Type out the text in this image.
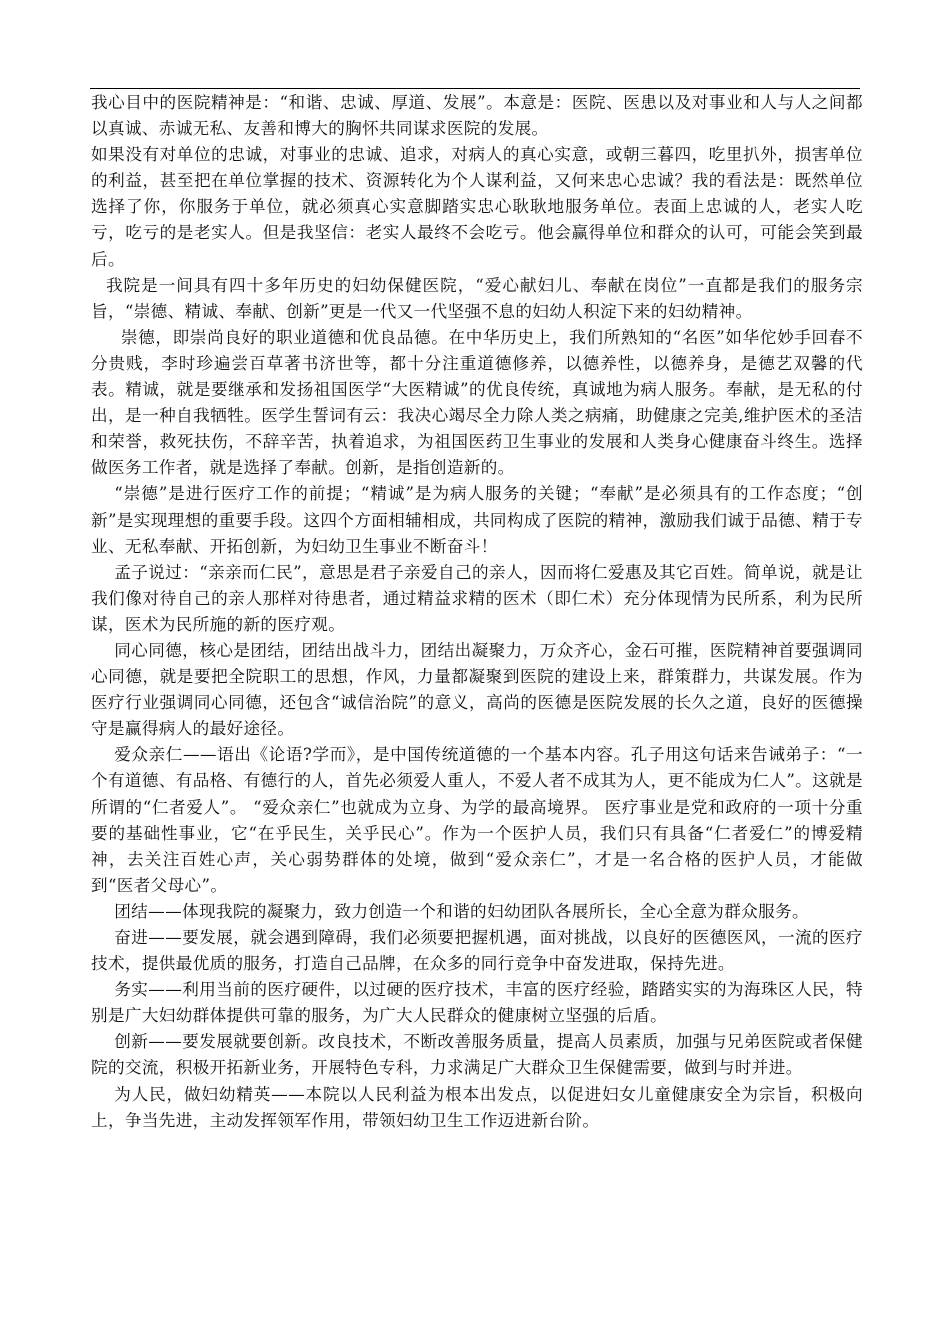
我心目中的医院精神是：“和谐、忠诚、厚道、发展”。本意是：医院、医患以及对事业和人与人之间都以真诚、赤诚无私、友善和博大的胸怀共同谋求医院的发展。

如果没有对单位的忠诚，对事业的忠诚、追求，对病人的真心实意，或朝三暮四，吃里扒外，损害单位的利益，甚至把在单位掌握的技术、资源转化为个人谋利益，又何来忠心忠诚？我的看法是：既然单位选择了你，你服务于单位，就必须真心实意脚踏实忠心耿耿地服务单位。表面上忠诚的人，老实人吃亏，吃亏的是老实人。但是我坚信：老实人最终不会吃亏。他会赢得单位和群众的认可，可能会笑到最后。

我院是一间具有四十多年历史的妇幼保健医院，“爱心献妇儿、奉献在岗位”一直都是我们的服务宗旨，“崇德、精诚、奉献、创新”更是一代又一代坚强不息的妇幼人积淀下来的妇幼精神。

崇德，即崇尚良好的职业道德和优良品德。在中华历史上，我们所熟知的“名医”如华佗妙手回春不分贵贱，李时珍遍尝百草著书济世等，都十分注重道德修养，以德养性，以德养身，是德艺双馨的代表。精诚，就是要继承和发扬祖国医学“大医精诚”的优良传统，真诚地为病人服务。奉献，是无私的付出，是一种自我牺牲。医学生誓词有云：我决心竭尽全力除人类之病痛，助健康之完美,维护医术的圣洁和荣誉，救死扶伤，不辞辛苦，执着追求，为祖国医药卫生事业的发展和人类身心健康奋斗终生。选择做医务工作者，就是选择了奉献。创新，是指创造新的。

“崇德”是进行医疗工作的前提；“精诚”是为病人服务的关键；“奉献”是必须具有的工作态度；“创新”是实现理想的重要手段。这四个方面相辅相成，共同构成了医院的精神，激励我们诚于品德、精于专业、无私奉献、开拓创新，为妇幼卫生事业不断奋斗！

孟子说过：“亲亲而仁民”，意思是君子亲爱自己的亲人，因而将仁爱惠及其它百姓。简单说，就是让我们像对待自己的亲人那样对待患者，通过精益求精的医术（即仁术）充分体现情为民所系，利为民所谋，医术为民所施的新的医疗观。

同心同德，核心是团结，团结出战斗力，团结出凝聚力，万众齐心，金石可摧，医院精神首要强调同心同德，就是要把全院职工的思想，作风，力量都凝聚到医院的建设上来，群策群力，共谋发展。作为医疗行业强调同心同德，还包含“诚信治院”的意义，高尚的医德是医院发展的长久之道，良好的医德操守是赢得病人的最好途径。

爱众亲仁——语出《论语?学而》，是中国传统道德的一个基本内容。孔子用这句话来告诫弟子：“一个有道德、有品格、有德行的人，首先必须爱人重人，不爱人者不成其为人，更不能成为仁人”。这就是所谓的“仁者爱人”。 “爱众亲仁”也就成为立身、为学的最高境界。 医疗事业是党和政府的一项十分重要的基础性事业，它“在乎民生，关乎民心”。作为一个医护人员，我们只有具备“仁者爱仁”的博爱精神，去关注百姓心声，关心弱势群体的处境，做到“爱众亲仁”，才是一名合格的医护人员，才能做到“医者父母心”。

团结——体现我院的凝聚力，致力创造一个和谐的妇幼团队各展所长，全心全意为群众服务。

奋进——要发展，就会遇到障碍，我们必须要把握机遇，面对挑战，以良好的医德医风，一流的医疗技术，提供最优质的服务，打造自己品牌，在众多的同行竞争中奋发进取，保持先进。

务实——利用当前的医疗硬件，以过硬的医疗技术，丰富的医疗经验，踏踏实实的为海珠区人民，特别是广大妇幼群体提供可靠的服务，为广大人民群众的健康树立坚强的后盾。

创新——要发展就要创新。改良技术，不断改善服务质量，提高人员素质，加强与兄弟医院或者保健院的交流，积极开拓新业务，开展特色专科，力求满足广大群众卫生保健需要，做到与时并进。

为人民，做妇幼精英——本院以人民利益为根本出发点，以促进妇女儿童健康安全为宗旨，积极向上，争当先进，主动发挥领军作用，带领妇幼卫生工作迈进新台阶。
